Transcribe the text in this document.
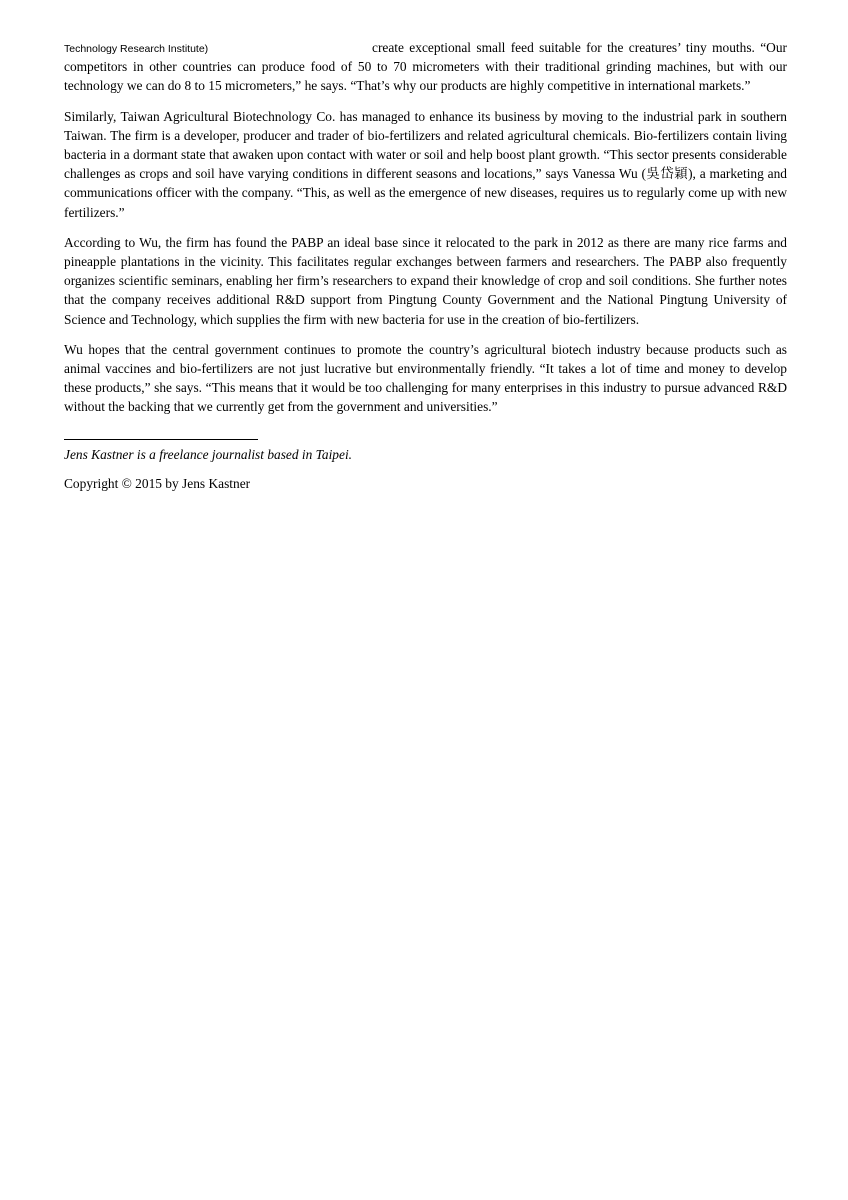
Technology Research Institute)	create exceptional small feed suitable for the creatures’ tiny mouths. “Our competitors in other countries can produce food of 50 to 70 micrometers with their traditional grinding machines, but with our technology we can do 8 to 15 micrometers,” he says. “That’s why our products are highly competitive in international markets.”

Similarly, Taiwan Agricultural Biotechnology Co. has managed to enhance its business by moving to the industrial park in southern Taiwan. The firm is a developer, producer and trader of bio-fertilizers and related agricultural chemicals. Bio-fertilizers contain living bacteria in a dormant state that awaken upon contact with water or soil and help boost plant growth. “This sector presents considerable challenges as crops and soil have varying conditions in different seasons and locations,” says Vanessa Wu (吳岱穎), a marketing and communications officer with the company. “This, as well as the emergence of new diseases, requires us to regularly come up with new fertilizers.”

According to Wu, the firm has found the PABP an ideal base since it relocated to the park in 2012 as there are many rice farms and pineapple plantations in the vicinity. This facilitates regular exchanges between farmers and researchers. The PABP also frequently organizes scientific seminars, enabling her firm’s researchers to expand their knowledge of crop and soil conditions. She further notes that the company receives additional R&D support from Pingtung County Government and the National Pingtung University of Science and Technology, which supplies the firm with new bacteria for use in the creation of bio-fertilizers.

Wu hopes that the central government continues to promote the country’s agricultural biotech industry because products such as animal vaccines and bio-fertilizers are not just lucrative but environmentally friendly. “It takes a lot of time and money to develop these products,” she says. “This means that it would be too challenging for many enterprises in this industry to pursue advanced R&D without the backing that we currently get from the government and universities.”

Jens Kastner is a freelance journalist based in Taipei.

Copyright © 2015 by Jens Kastner
